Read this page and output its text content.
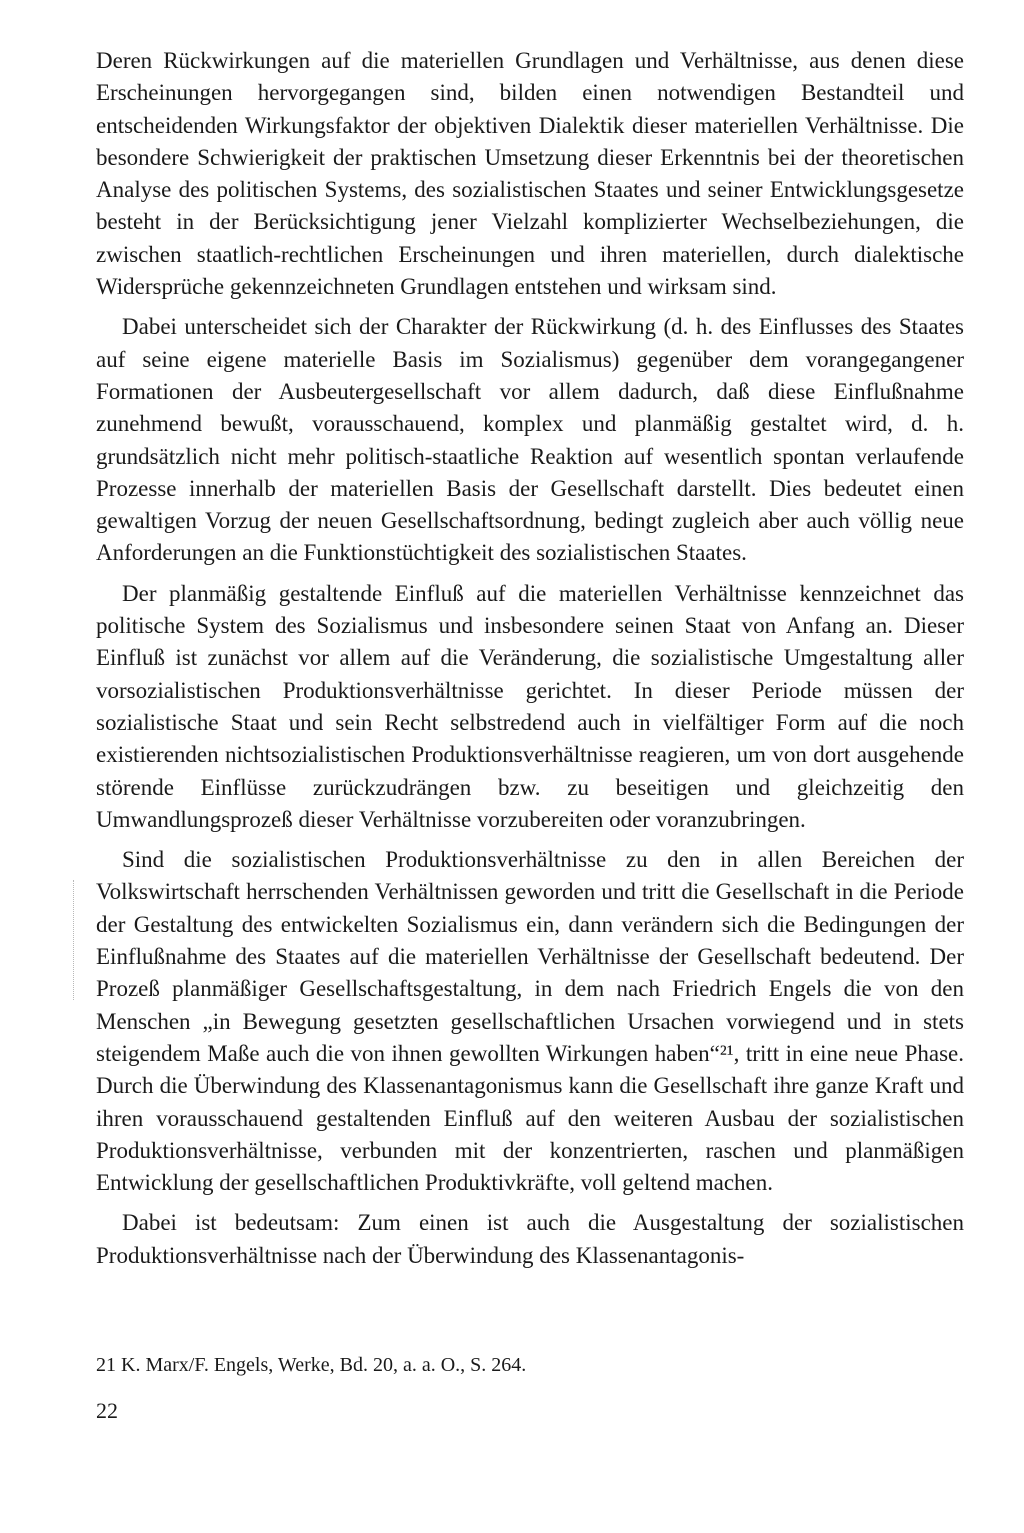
Deren Rückwirkungen auf die materiellen Grundlagen und Verhältnisse, aus denen diese Erscheinungen hervorgegangen sind, bilden einen notwendigen Bestandteil und entscheidenden Wirkungsfaktor der objektiven Dialektik dieser materiellen Verhältnisse. Die besondere Schwierigkeit der praktischen Umsetzung dieser Erkenntnis bei der theoretischen Analyse des politischen Systems, des sozialistischen Staates und seiner Entwicklungsgesetze besteht in der Berücksichtigung jener Vielzahl komplizierter Wechselbeziehungen, die zwischen staatlich-rechtlichen Erscheinungen und ihren materiellen, durch dialektische Widersprüche gekennzeichneten Grundlagen entstehen und wirksam sind.

Dabei unterscheidet sich der Charakter der Rückwirkung (d. h. des Einflusses des Staates auf seine eigene materielle Basis im Sozialismus) gegenüber dem vorangegangener Formationen der Ausbeutergesellschaft vor allem dadurch, daß diese Einflußnahme zunehmend bewußt, vorausschauend, komplex und planmäßig gestaltet wird, d. h. grundsätzlich nicht mehr politisch-staatliche Reaktion auf wesentlich spontan verlaufende Prozesse innerhalb der materiellen Basis der Gesellschaft darstellt. Dies bedeutet einen gewaltigen Vorzug der neuen Gesellschaftsordnung, bedingt zugleich aber auch völlig neue Anforderungen an die Funktionstüchtigkeit des sozialistischen Staates.

Der planmäßig gestaltende Einfluß auf die materiellen Verhältnisse kennzeichnet das politische System des Sozialismus und insbesondere seinen Staat von Anfang an. Dieser Einfluß ist zunächst vor allem auf die Veränderung, die sozialistische Umgestaltung aller vorsozialistischen Produktionsverhältnisse gerichtet. In dieser Periode müssen der sozialistische Staat und sein Recht selbstredend auch in vielfältiger Form auf die noch existierenden nichtsozialistischen Produktionsverhältnisse reagieren, um von dort ausgehende störende Einflüsse zurückzudrängen bzw. zu beseitigen und gleichzeitig den Umwandlungsprozeß dieser Verhältnisse vorzubereiten oder voranzubringen.

Sind die sozialistischen Produktionsverhältnisse zu den in allen Bereichen der Volkswirtschaft herrschenden Verhältnissen geworden und tritt die Gesellschaft in die Periode der Gestaltung des entwickelten Sozialismus ein, dann verändern sich die Bedingungen der Einflußnahme des Staates auf die materiellen Verhältnisse der Gesellschaft bedeutend. Der Prozeß planmäßiger Gesellschaftsgestaltung, in dem nach Friedrich Engels die von den Menschen „in Bewegung gesetzten gesellschaftlichen Ursachen vorwiegend und in stets steigendem Maße auch die von ihnen gewollten Wirkungen haben“²¹, tritt in eine neue Phase. Durch die Überwindung des Klassenantagonismus kann die Gesellschaft ihre ganze Kraft und ihren vorausschauend gestaltenden Einfluß auf den weiteren Ausbau der sozialistischen Produktionsverhältnisse, verbunden mit der konzentrierten, raschen und planmäßigen Entwicklung der gesellschaftlichen Produktivkräfte, voll geltend machen.

Dabei ist bedeutsam: Zum einen ist auch die Ausgestaltung der sozialistischen Produktionsverhältnisse nach der Überwindung des Klassenantagonis-

21 K. Marx/F. Engels, Werke, Bd. 20, a. a. O., S. 264.
22
